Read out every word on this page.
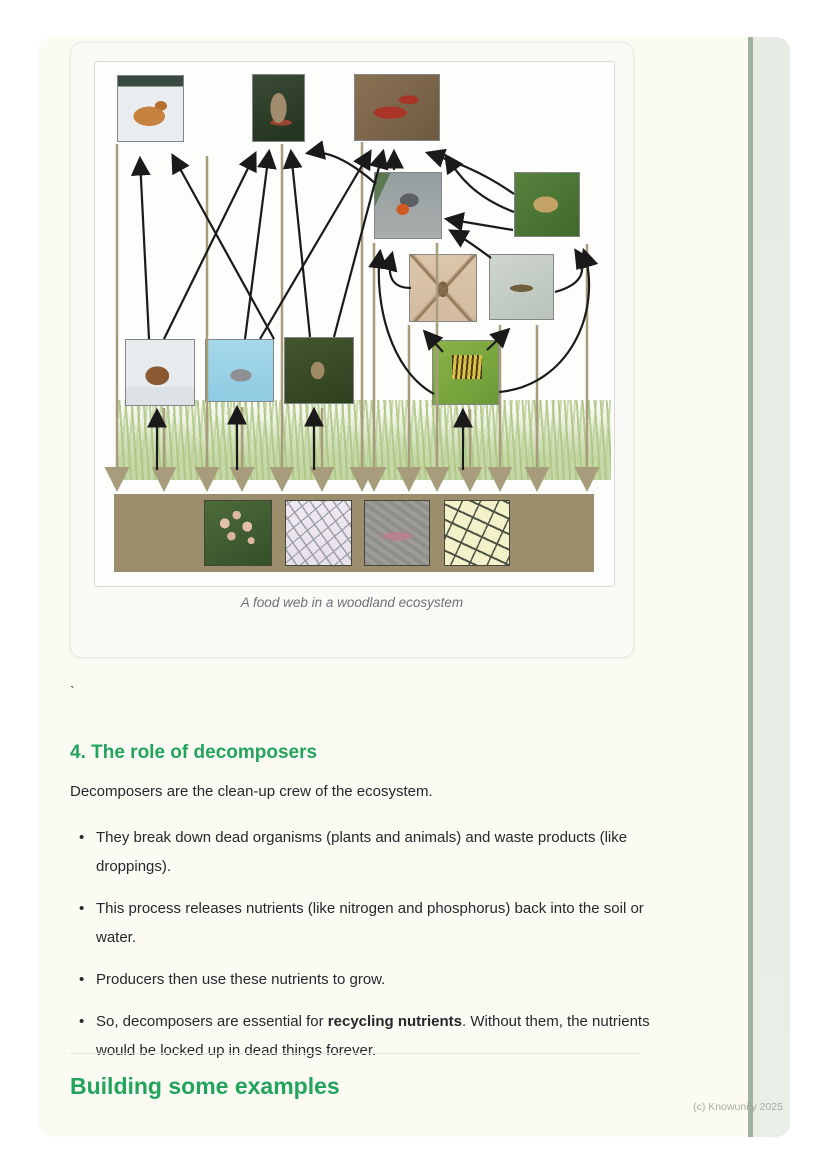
A food web in a woodland ecosystem

`
4. The role of decomposers

Decomposers are the clean-up crew of the ecosystem.

• They break down dead organisms (plants and animals) and waste products (like droppings).
• This process releases nutrients (like nitrogen and phosphorus) back into the soil or water.
• Producers then use these nutrients to grow.
• So, decomposers are essential for recycling nutrients. Without them, the nutrients would be locked up in dead things forever.
Building some examples
(c) Knowunity 2025
